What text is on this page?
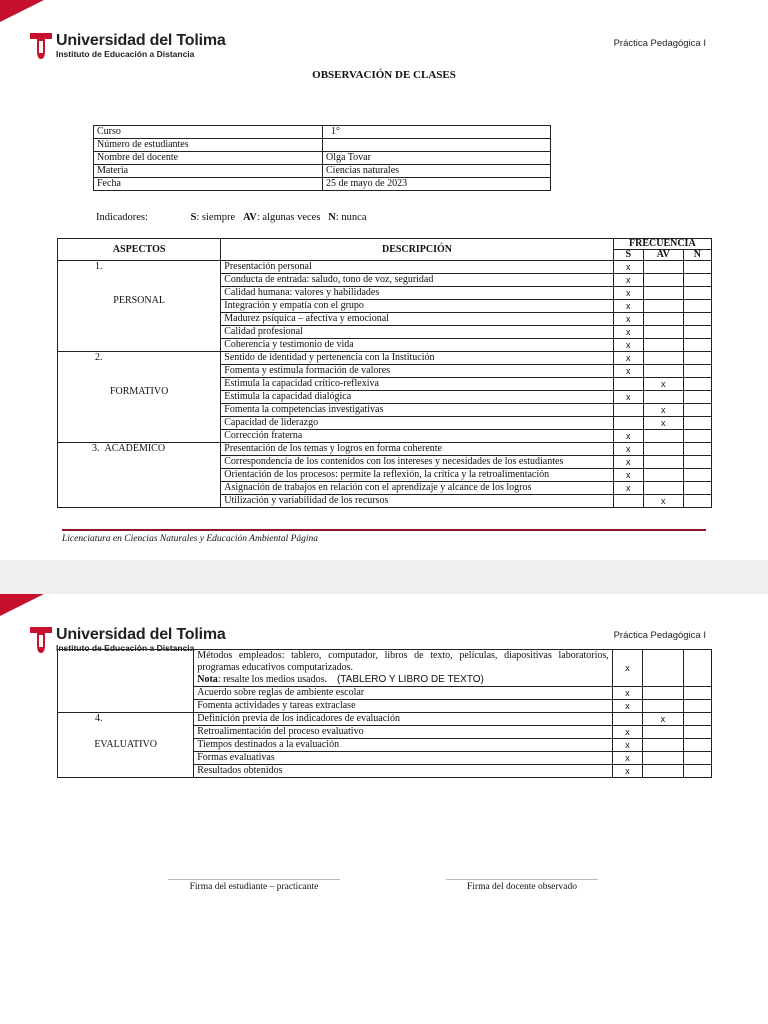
Universidad del Tolima
Instituto de Educación a Distancia
Práctica Pedagógica I
OBSERVACIÓN DE CLASES
Curso	1°
Número de estudiantes	
Nombre del docente	Olga Tovar
Materia	Ciencias naturales
Fecha	25 de mayo de 2023
Indicadores:	S: siempre AV: algunas veces N: nunca
ASPECTOS	DESCRIPCIÓN	FRECUENCIA		
		S	AV	N

1.
PERSONAL	Presentación personal	x		
	Conducta de entrada: saludo, tono de voz, seguridad	x		
	Calidad humana: valores y habilidades	x		
	Integración y empatía con el grupo	x		
	Madurez psíquica – afectiva y emocional	x		
	Calidad profesional	x		
	Coherencia y testimonio de vida	x		

2.
FORMATIVO	Sentido de identidad y pertenencia con la Institución	x		
	Fomenta y estimula formación de valores	x		
	Estimula la capacidad crítico-reflexiva		x	
	Estimula la capacidad dialógica	x		
	Fomenta la competencias investigativas		x	
	Capacidad de liderazgo		x	
	Corrección fraterna	x		
3. ACADÉMICO	Presentación de los temas y logros en forma coherente	x		
	Correspondencia de los contenidos con los intereses y necesidades de los estudiantes	x		
	Orientación de los procesos: permite la reflexión, la crítica y la retroalimentación	x		
	Asignación de trabajos en relación con el aprendizaje y alcance de los logros	x		
	Utilización y variabilidad de los recursos		x	
Licenciatura en Ciencias Naturales y Educación Ambiental Página
Universidad del Tolima
Instituto de Educación a Distancia
Práctica Pedagógica I
	Métodos empleados: tablero, computador, libros de texto, películas, diapositivas laboratorios, programas educativos computarizados.
Nota: resalte los medios usados. (TABLERO Y LIBRO DE TEXTO)	x		
	Acuerdo sobre reglas de ambiente escolar	x		
	Fomenta actividades y tareas extraclase	x		

4.
EVALUATIVO	Definición previa de los indicadores de evaluación		x	
	Retroalimentación del proceso evaluativo	x		
	Tiempos destinados a la evaluación	x		
	Formas evaluativas	x		
	Resultados obtenidos	x		
Firma del estudiante – practicante	Firma del docente observado
